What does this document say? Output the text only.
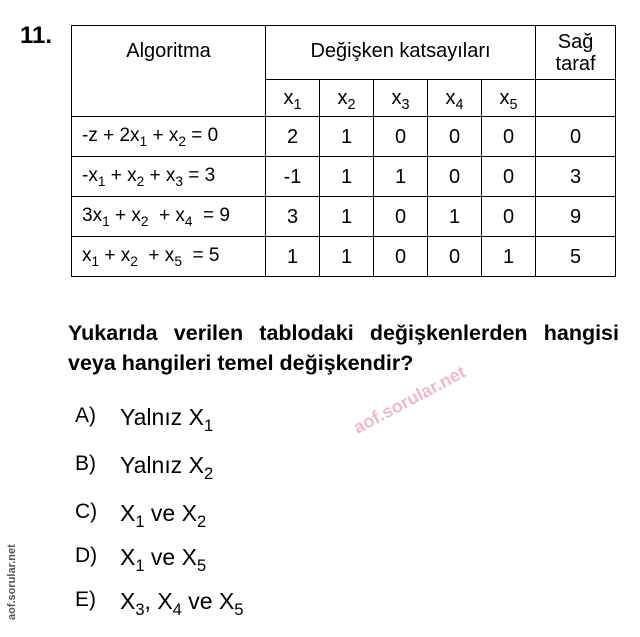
11.
Algoritma	Değişken katsayıları					Sağ
taraf

	$x_1$	$x_2$	$x_3$	$x_4$	$x_5$	
$-z + 2x_1 + x_2 = 0$	2	1	0	0	0	0
$-x_1 + x_2 + x_3 = 3$	-1	1	1	0	0	3
$3x_1 + x_2 + x_4 = 9$	3	1	0	1	0	9
$x_1 + x_2 + x_5 = 5$	1	1	0	0	1	5
Yukarıda verilen tablodaki değişkenlerden hangisi veya hangileri temel değişkendir?
A) Yalnız $X_1$
B) Yalnız $X_2$
C) $X_1$ ve $X_2$
D) $X_1$ ve $X_5$
E) $X_3$, $X_4$ ve $X_5$
aof.sorular.net
aof.sorular.net
